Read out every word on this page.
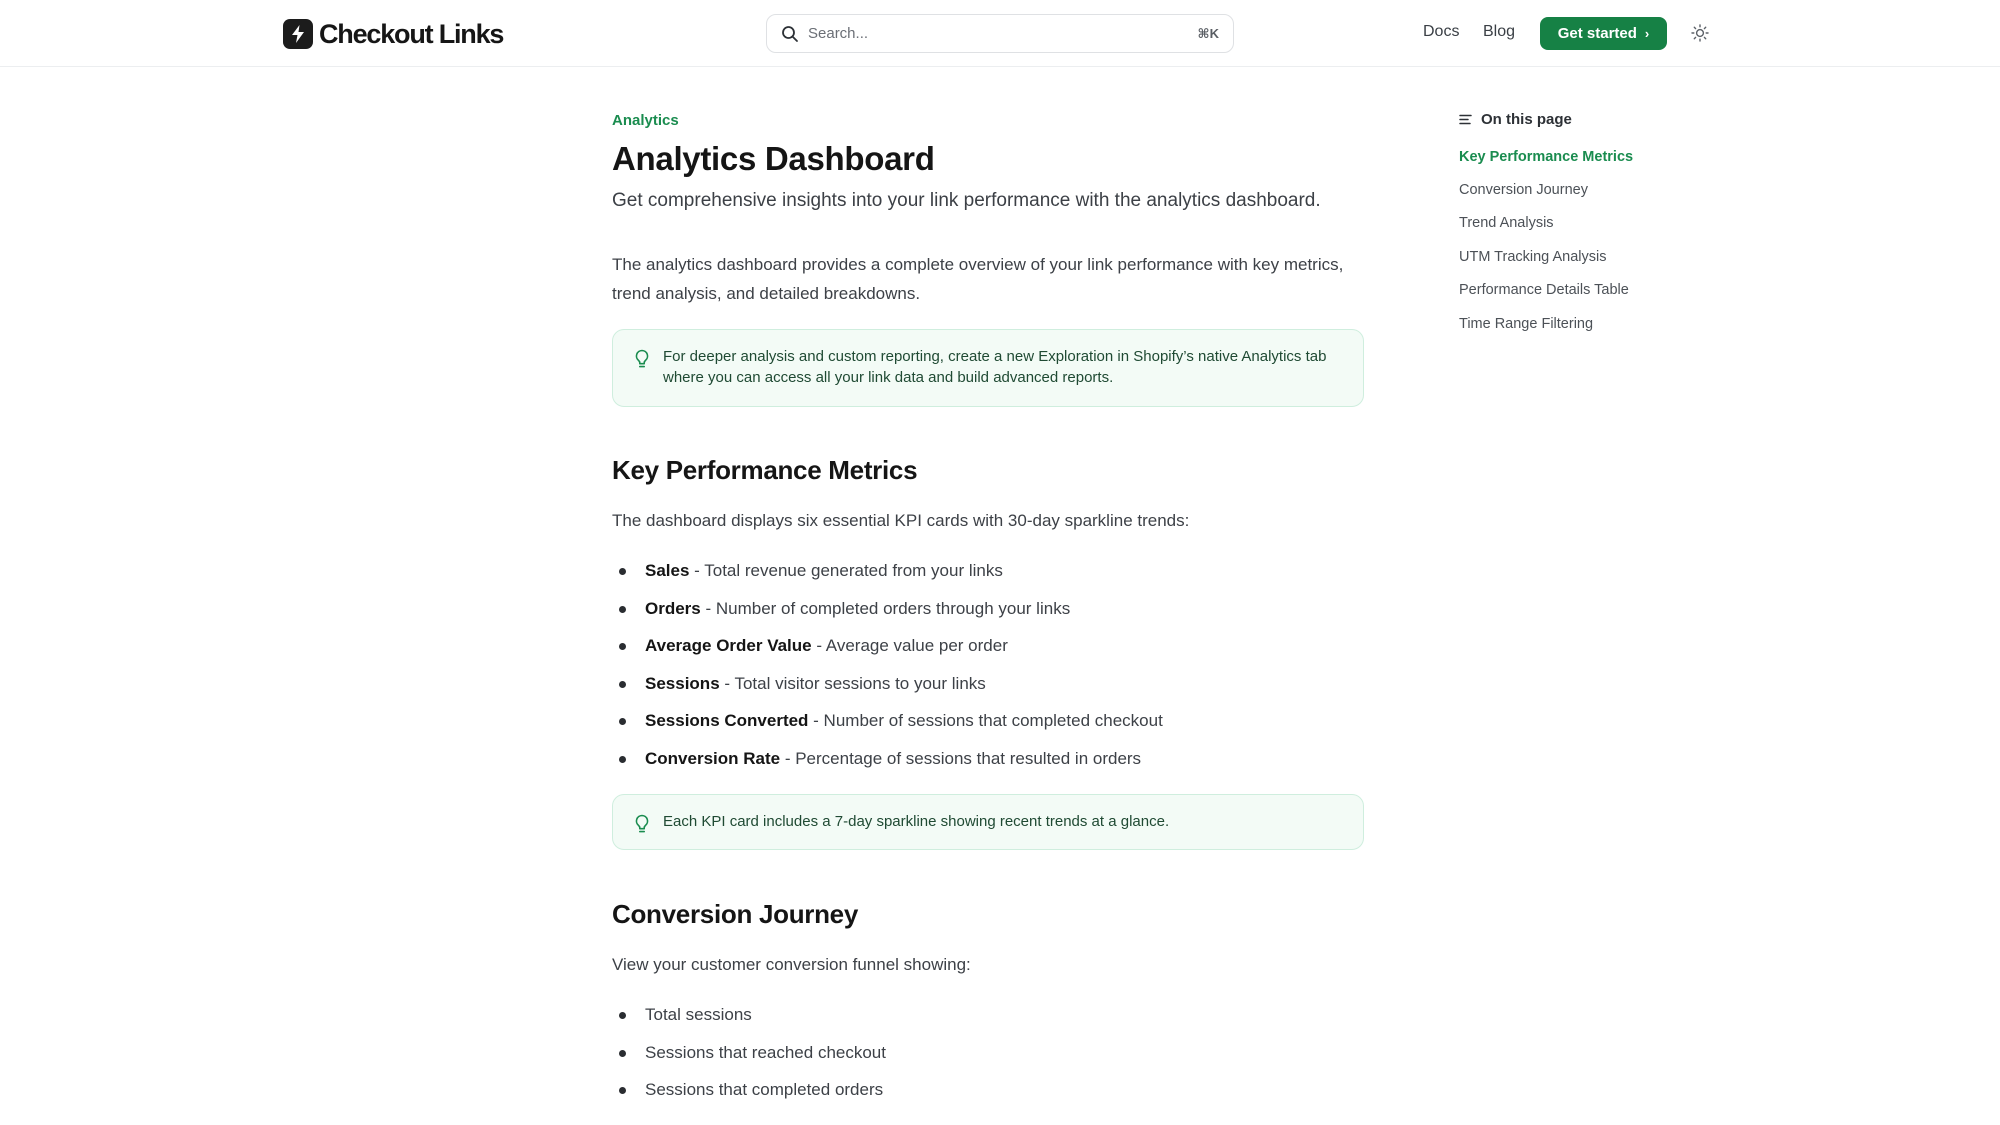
Checkout Links	Search...	⌘K	Docs Blog	Get started ›
Analytics
Analytics Dashboard

Get comprehensive insights into your link performance with the analytics dashboard.

The analytics dashboard provides a complete overview of your link performance with key metrics, trend analysis, and detailed breakdowns.

For deeper analysis and custom reporting, create a new Exploration in Shopify’s native Analytics tab where you can access all your link data and build advanced reports.

Key Performance Metrics

The dashboard displays six essential KPI cards with 30-day sparkline trends:

Sales - Total revenue generated from your links
Orders - Number of completed orders through your links
Average Order Value - Average value per order
Sessions - Total visitor sessions to your links
Sessions Converted - Number of sessions that completed checkout
Conversion Rate - Percentage of sessions that resulted in orders

Each KPI card includes a 7-day sparkline showing recent trends at a glance.

Conversion Journey

View your customer conversion funnel showing:

Total sessions
Sessions that reached checkout
Sessions that completed orders
On this page
Key Performance Metrics
Conversion Journey
Trend Analysis
UTM Tracking Analysis
Performance Details Table
Time Range Filtering
